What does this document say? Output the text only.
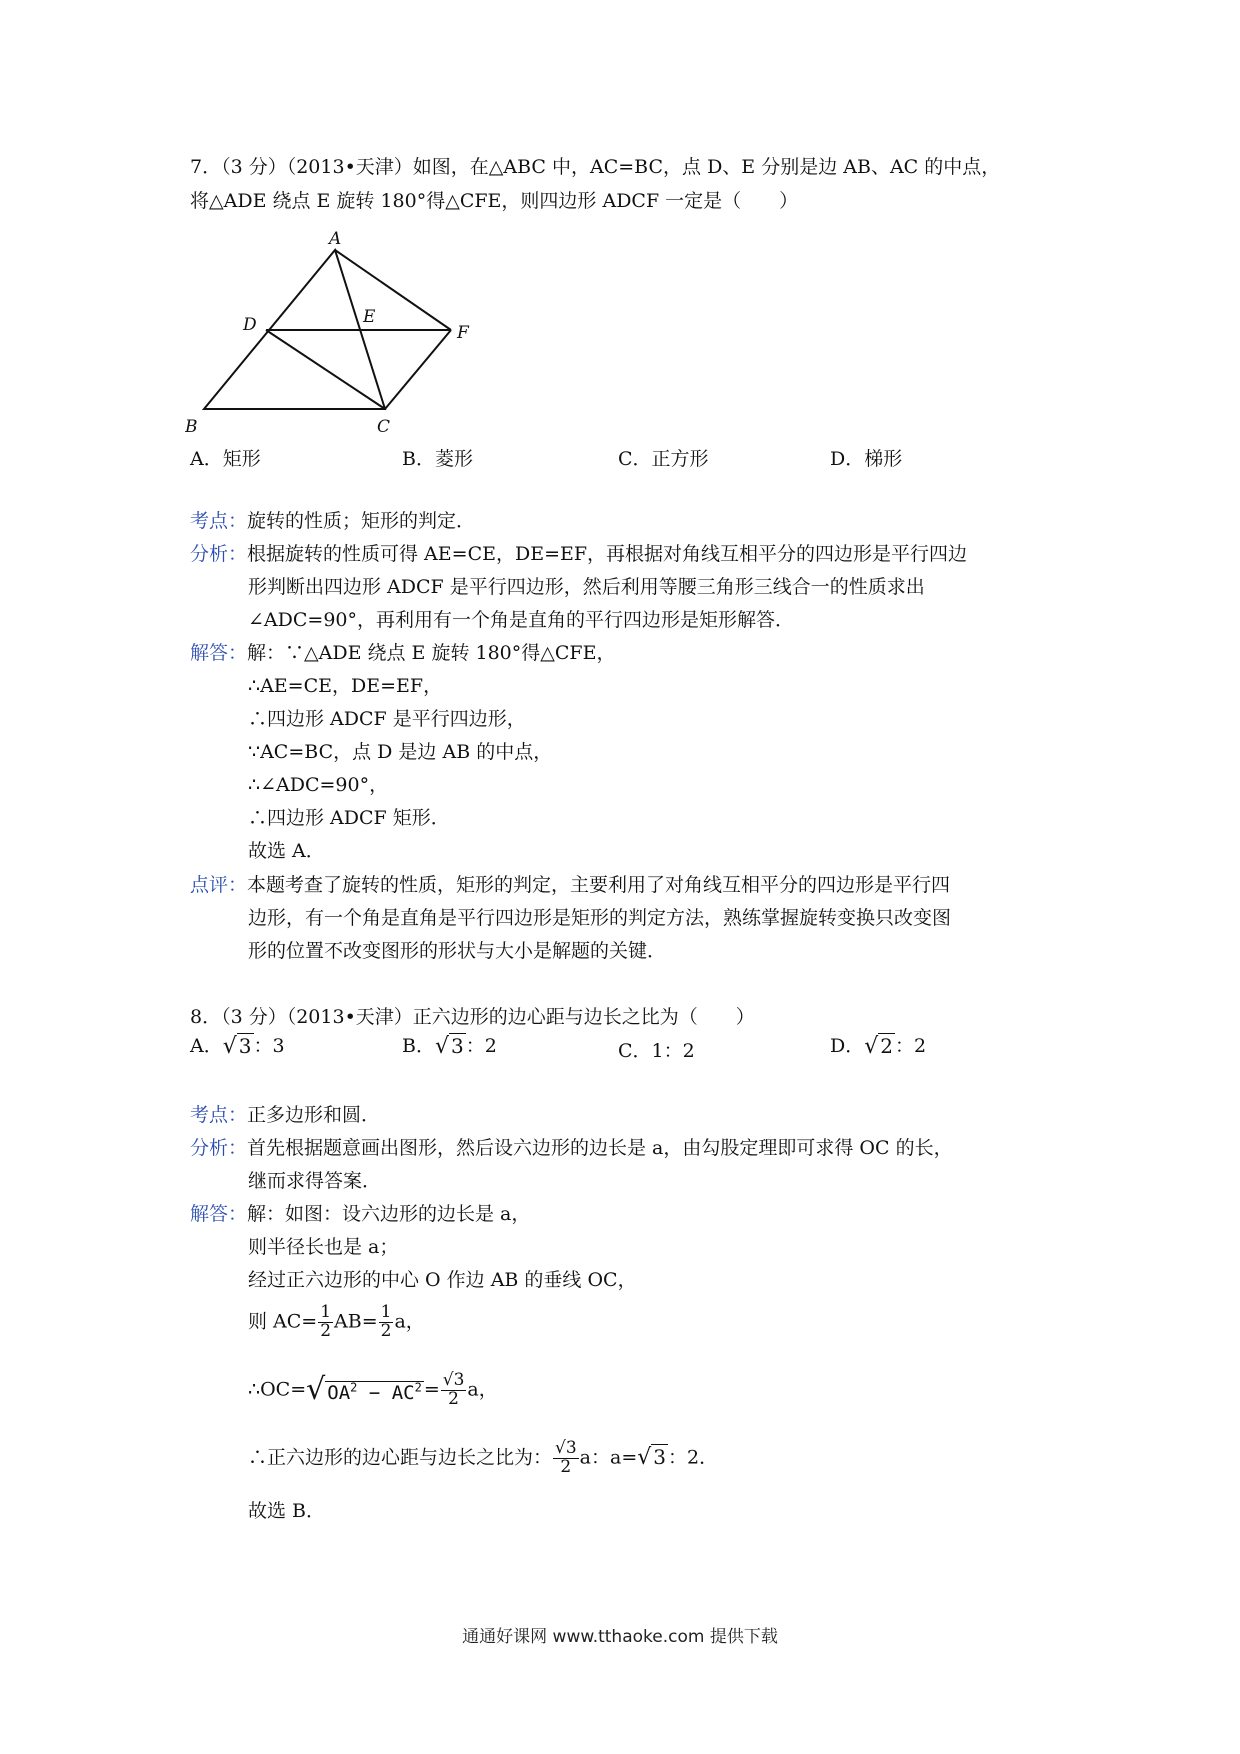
7．（3 分）（2013•天津）如图，在△ABC 中，AC=BC，点 D、E 分别是边 AB、AC 的中点，
将△ADE 绕点 E 旋转 180°得△CFE，则四边形 ADCF 一定是（　　）
A
B	C
D	E
F
A．矩形	B．菱形	C．正方形	D．梯形
考点：旋转的性质；矩形的判定．
分析：根据旋转的性质可得 AE=CE，DE=EF，再根据对角线互相平分的四边形是平行四边
形判断出四边形 ADCF 是平行四边形，然后利用等腰三角形三线合一的性质求出
∠ADC=90°，再利用有一个角是直角的平行四边形是矩形解答．
解答：解：∵△ADE 绕点 E 旋转 180°得△CFE，
∴AE=CE，DE=EF，
∴四边形 ADCF 是平行四边形，
∵AC=BC，点 D 是边 AB 的中点，
∴∠ADC=90°，
∴四边形 ADCF 矩形．
故选 A．
点评：本题考查了旋转的性质，矩形的判定，主要利用了对角线互相平分的四边形是平行四
边形，有一个角是直角是平行四边形是矩形的判定方法，熟练掌握旋转变换只改变图
形的位置不改变图形的形状与大小是解题的关键．
8．（3 分）（2013•天津）正六边形的边心距与边长之比为（　　）
A．√ 3 ：3	B．√ 3 ：2	C．1：2	D．√ 2 ：2
考点：正多边形和圆．
分析：首先根据题意画出图形，然后设六边形的边长是 a，由勾股定理即可求得 OC 的长，
继而求得答案．
解答：解：如图：设六边形的边长是 a，
则半径长也是 a；
经过正六边形的中心 O 作边 AB 的垂线 OC，
则 $AC= \frac{1}{2} AB= \frac{1}{2}$ a，
∴OC=√ $OA^2 - AC^2 = \frac{√3}{2}$ a，
∴正六边形的边心距与边长之比为： $\frac{√3}{2}$ a：a=√ 3 ：2．
故选 B．
通通好课网 www.tthaoke.com 提供下载
